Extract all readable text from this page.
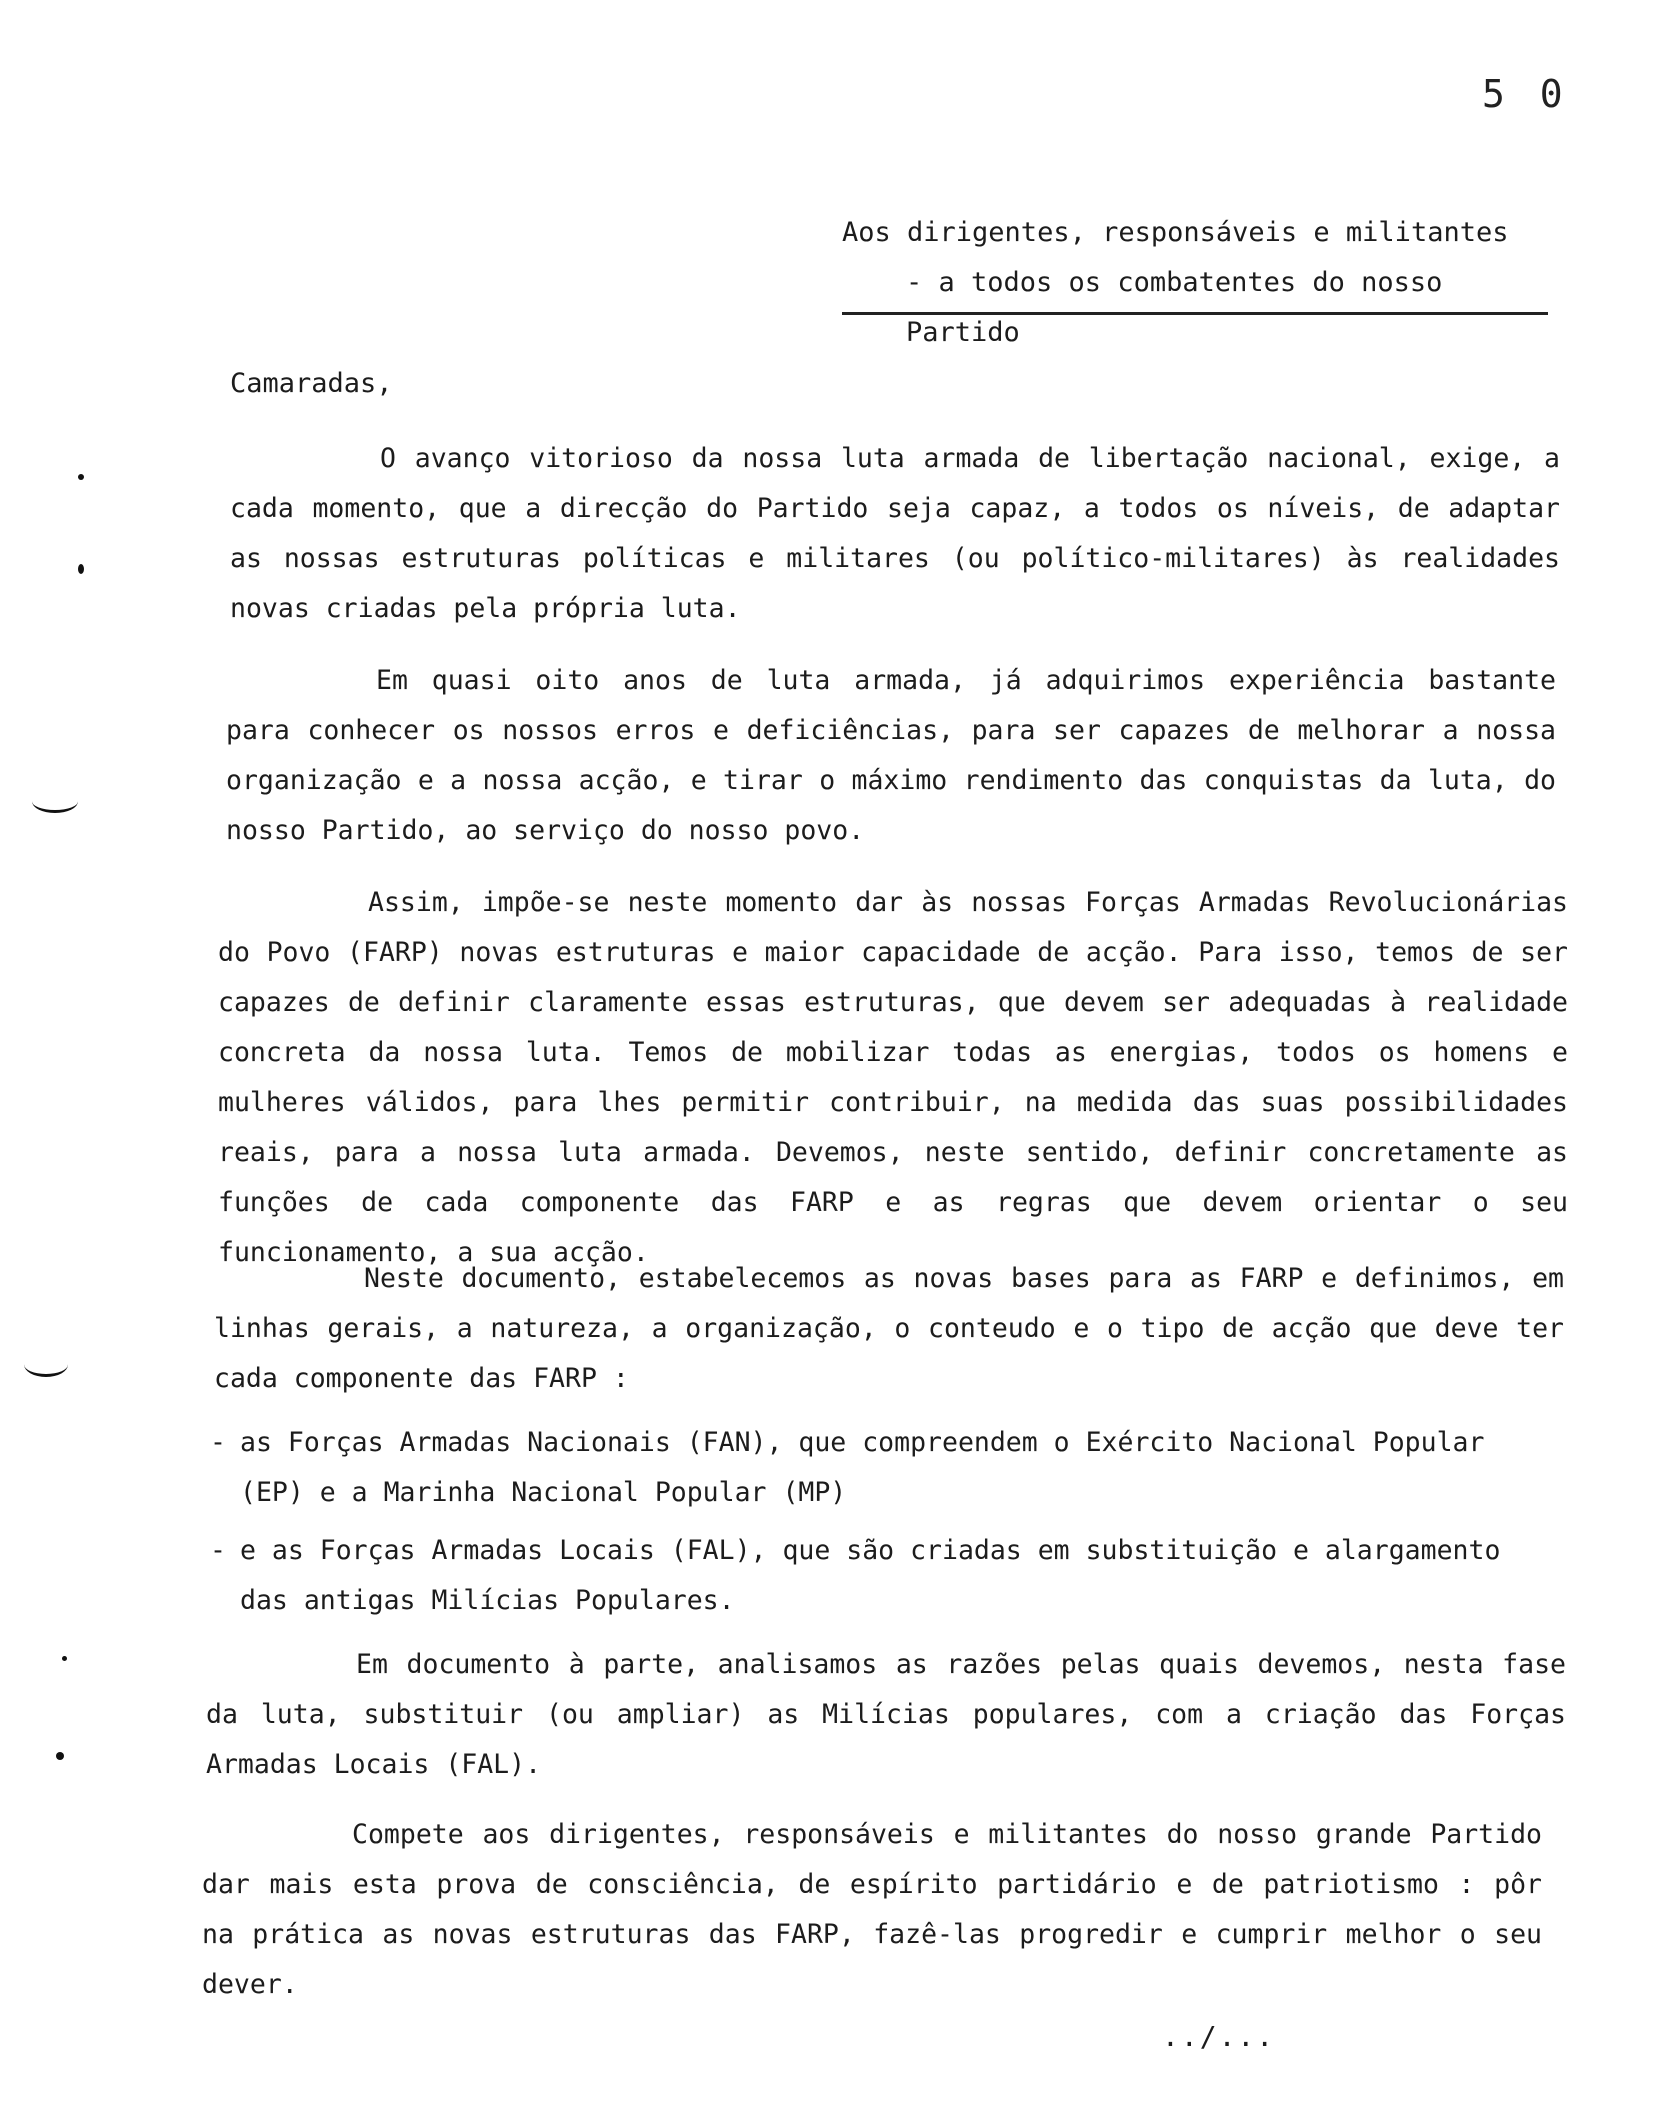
5 0
Aos dirigentes, responsáveis e militantes
- a todos os combatentes do nosso Partido
Camaradas,

O avanço vitorioso da nossa luta armada de libertação nacional, exige, a cada momento, que a direcção do Partido seja capaz, a todos os níveis, de adaptar as nossas estruturas políticas e militares (ou político-militares) às realidades novas criadas pela própria luta.

Em quasi oito anos de luta armada, já adquirimos experiência bastante para conhecer os nossos erros e deficiências, para ser capazes de melhorar a nossa organização e a nossa acção, e tirar o máximo rendimento das conquistas da luta, do nosso Partido, ao serviço do nosso povo.

Assim, impõe-se neste momento dar às nossas Forças Armadas Revolucionárias do Povo (FARP) novas estruturas e maior capacidade de acção. Para isso, temos de ser capazes de definir claramente essas estruturas, que devem ser adequadas à realidade concreta da nossa luta. Temos de mobilizar todas as energias, todos os homens e mulheres válidos, para lhes permitir contribuir, na medida das suas possibilidades reais, para a nossa luta armada. Devemos, neste sentido, definir concretamente as funções de cada componente das FARP e as regras que devem orientar o seu funcionamento, a sua acção.

Neste documento, estabelecemos as novas bases para as FARP e definimos, em linhas gerais, a natureza, a organização, o conteudo e o tipo de acção que deve ter cada componente das FARP :

- as Forças Armadas Nacionais (FAN), que compreendem o Exército Nacional Popular (EP) e a Marinha Nacional Popular (MP)
- e as Forças Armadas Locais (FAL), que são criadas em substituição e alargamento das antigas Milícias Populares.

Em documento à parte, analisamos as razões pelas quais devemos, nesta fase da luta, substituir (ou ampliar) as Milícias populares, com a criação das Forças Armadas Locais (FAL).

Compete aos dirigentes, responsáveis e militantes do nosso grande Partido dar mais esta prova de consciência, de espírito partidário e de patriotismo : pôr na prática as novas estruturas das FARP, fazê-las progredir e cumprir melhor o seu dever.

../...
